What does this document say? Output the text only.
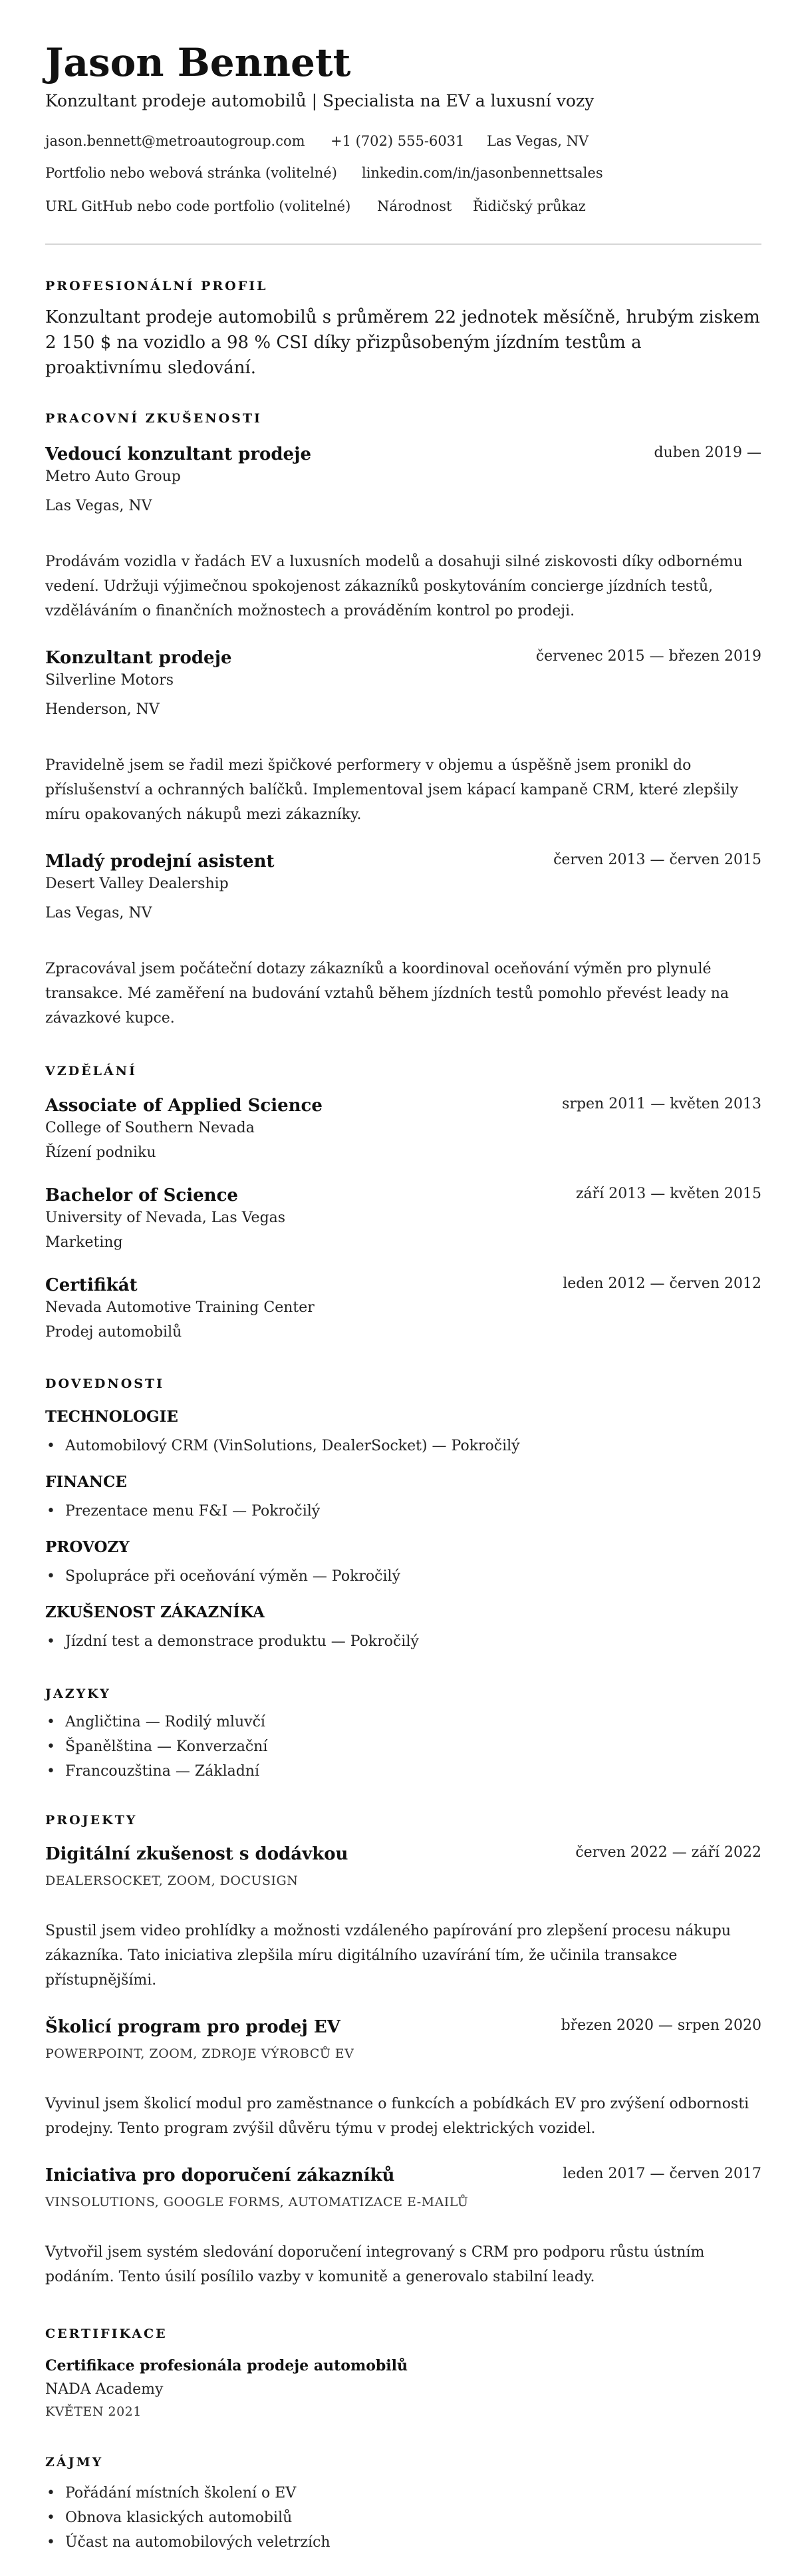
Jason Bennett
Konzultant prodeje automobilů | Specialista na EV a luxusní vozy
jason.bennett@metroautogroup.com +1 (702) 555-6031 Las Vegas, NV
Portfolio nebo webová stránka (volitelné) linkedin.com/in/jasonbennettsales
URL GitHub nebo code portfolio (volitelné) Národnost Řidičský průkaz
PROFESIONÁLNÍ PROFIL
Konzultant prodeje automobilů s průměrem 22 jednotek měsíčně, hrubým ziskem 2 150 $ na vozidlo a 98 % CSI díky přizpůsobeným jízdním testům a proaktivnímu sledování.
PRACOVNÍ ZKUŠENOSTI
Vedoucí konzultant prodeje	duben 2019 —
Metro Auto Group
Las Vegas, NV
Prodávám vozidla v řadách EV a luxusních modelů a dosahuji silné ziskovosti díky odbornému vedení. Udržuji výjimečnou spokojenost zákazníků poskytováním concierge jízdních testů, vzděláváním o finančních možnostech a prováděním kontrol po prodeji.
Konzultant prodeje	červenec 2015 — březen 2019
Silverline Motors
Henderson, NV
Pravidelně jsem se řadil mezi špičkové performery v objemu a úspěšně jsem pronikl do příslušenství a ochranných balíčků. Implementoval jsem kápací kampaně CRM, které zlepšily míru opakovaných nákupů mezi zákazníky.
Mladý prodejní asistent	červen 2013 — červen 2015
Desert Valley Dealership
Las Vegas, NV
Zpracovával jsem počáteční dotazy zákazníků a koordinoval oceňování výměn pro plynulé transakce. Mé zaměření na budování vztahů během jízdních testů pomohlo převést leady na závazkové kupce.
VZDĚLÁNÍ
Associate of Applied Science	srpen 2011 — květen 2013
College of Southern Nevada
Řízení podniku
Bachelor of Science	září 2013 — květen 2015
University of Nevada, Las Vegas
Marketing
Certifikát	leden 2012 — červen 2012
Nevada Automotive Training Center
Prodej automobilů
DOVEDNOSTI
TECHNOLOGIE
• Automobilový CRM (VinSolutions, DealerSocket) — Pokročilý
FINANCE
• Prezentace menu F&I — Pokročilý
PROVOZY
• Spolupráce při oceňování výměn — Pokročilý
ZKUŠENOST ZÁKAZNÍKA
• Jízdní test a demonstrace produktu — Pokročilý
JAZYKY
• Angličtina — Rodilý mluvčí
• Španělština — Konverzační
• Francouzština — Základní
PROJEKTY
Digitální zkušenost s dodávkou	červen 2022 — září 2022
DEALERSOCKET, ZOOM, DOCUSIGN
Spustil jsem video prohlídky a možnosti vzdáleného papírování pro zlepšení procesu nákupu zákazníka. Tato iniciativa zlepšila míru digitálního uzavírání tím, že učinila transakce přístupnějšími.
Školicí program pro prodej EV	březen 2020 — srpen 2020
POWERPOINT, ZOOM, ZDROJE VÝROBCŮ EV
Vyvinul jsem školicí modul pro zaměstnance o funkcích a pobídkách EV pro zvýšení odbornosti prodejny. Tento program zvýšil důvěru týmu v prodej elektrických vozidel.
Iniciativa pro doporučení zákazníků	leden 2017 — červen 2017
VINSOLUTIONS, GOOGLE FORMS, AUTOMATIZACE E-MAILŮ
Vytvořil jsem systém sledování doporučení integrovaný s CRM pro podporu růstu ústním podáním. Tento úsilí posílilo vazby v komunitě a generovalo stabilní leady.
CERTIFIKACE
Certifikace profesionála prodeje automobilů
NADA Academy
KVĚTEN 2021
ZÁJMY
• Pořádání místních školení o EV
• Obnova klasických automobilů
• Účast na automobilových veletrzích
